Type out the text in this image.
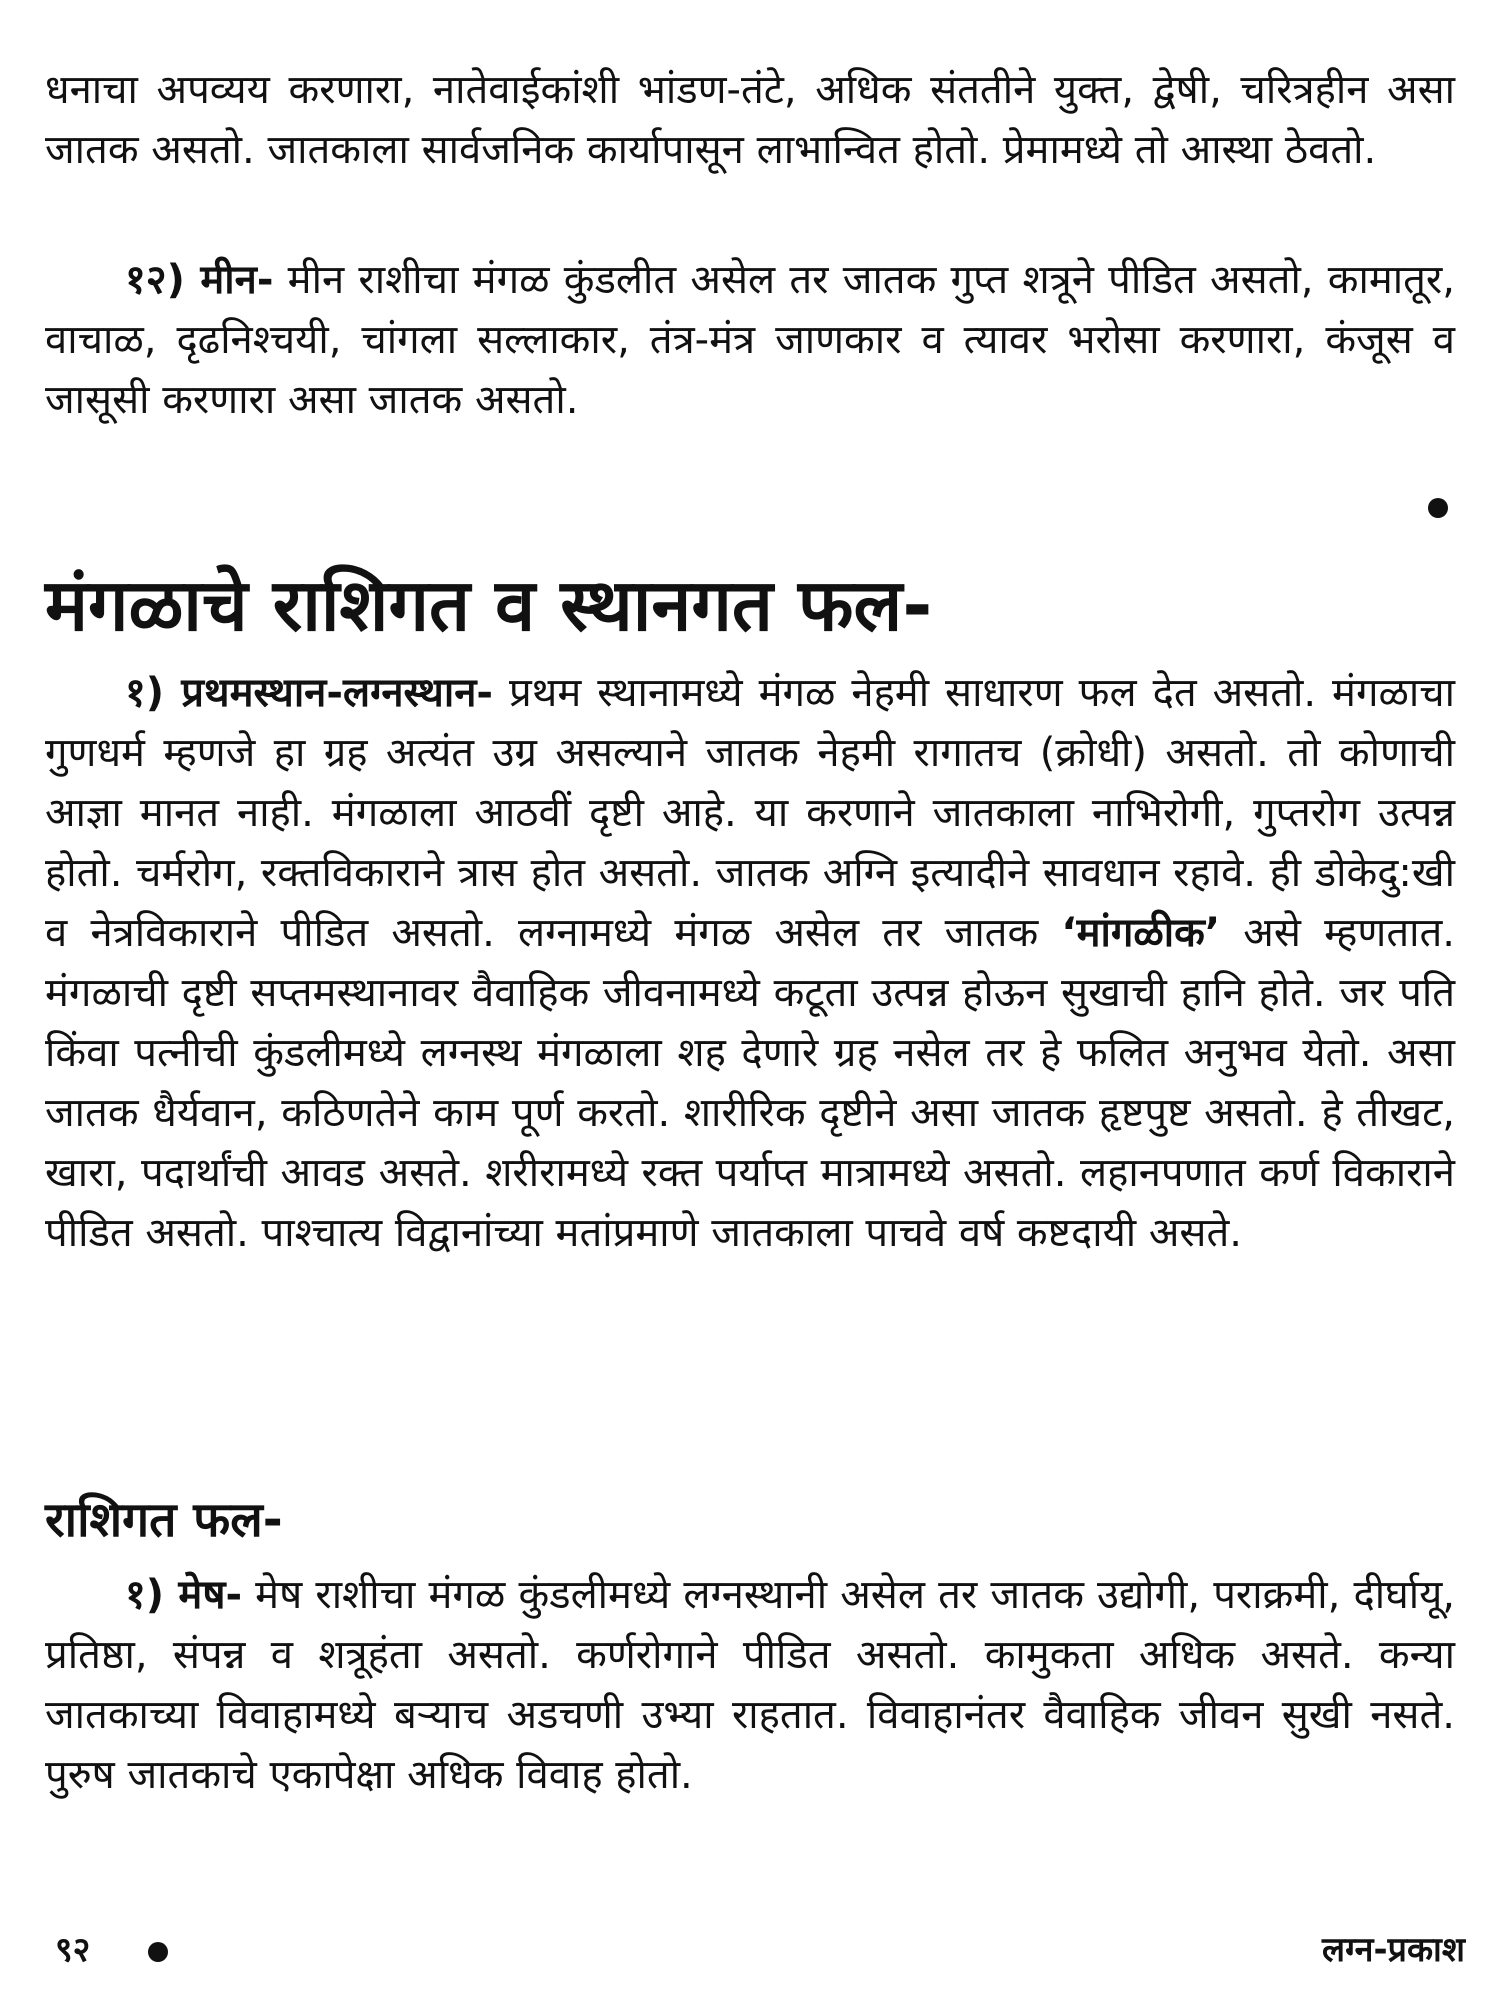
धनाचा अपव्यय करणारा, नातेवाईकांशी भांडण-तंटे, अधिक संततीने युक्त, द्वेषी, चरित्रहीन असा जातक असतो. जातकाला सार्वजनिक कार्यापासून लाभान्वित होतो. प्रेमामध्ये तो आस्था ठेवतो.

१२) मीन- मीन राशीचा मंगळ कुंडलीत असेल तर जातक गुप्त शत्रूने पीडित असतो, कामातूर, वाचाळ, दृढनिश्चयी, चांगला सल्लाकार, तंत्र-मंत्र जाणकार व त्यावर भरोसा करणारा, कंजूस व जासूसी करणारा असा जातक असतो.

मंगळाचे राशिगत व स्थानगत फल-

१) प्रथमस्थान-लग्नस्थान- प्रथम स्थानामध्ये मंगळ नेहमी साधारण फल देत असतो. मंगळाचा गुणधर्म म्हणजे हा ग्रह अत्यंत उग्र असल्याने जातक नेहमी रागातच (क्रोधी) असतो. तो कोणाची आज्ञा मानत नाही. मंगळाला आठवीं दृष्टी आहे. या करणाने जातकाला नाभिरोगी, गुप्तरोग उत्पन्न होतो. चर्मरोग, रक्तविकाराने त्रास होत असतो. जातक अग्नि इत्यादीने सावधान रहावे. ही डोकेदु:खी व नेत्रविकाराने पीडित असतो. लग्नामध्ये मंगळ असेल तर जातक ‘मांगळीक’ असे म्हणतात. मंगळाची दृष्टी सप्तमस्थानावर वैवाहिक जीवनामध्ये कटूता उत्पन्न होऊन सुखाची हानि होते. जर पति किंवा पत्नीची कुंडलीमध्ये लग्नस्थ मंगळाला शह देणारे ग्रह नसेल तर हे फलित अनुभव येतो. असा जातक धैर्यवान, कठिणतेने काम पूर्ण करतो. शारीरिक दृष्टीने असा जातक हृष्टपुष्ट असतो. हे तीखट, खारा, पदार्थांची आवड असते. शरीरामध्ये रक्त पर्याप्त मात्रामध्ये असतो. लहानपणात कर्ण विकाराने पीडित असतो. पाश्चात्य विद्वानांच्या मतांप्रमाणे जातकाला पाचवे वर्ष कष्टदायी असते.

राशिगत फल-

१) मेष- मेष राशीचा मंगळ कुंडलीमध्ये लग्नस्थानी असेल तर जातक उद्योगी, पराक्रमी, दीर्घायू, प्रतिष्ठा, संपन्न व शत्रूहंता असतो. कर्णरोगाने पीडित असतो. कामुकता अधिक असते. कन्या जातकाच्या विवाहामध्ये बऱ्याच अडचणी उभ्या राहतात. विवाहानंतर वैवाहिक जीवन सुखी नसते. पुरुष जातकाचे एकापेक्षा अधिक विवाह होतो.

९२	लग्न-प्रकाश
